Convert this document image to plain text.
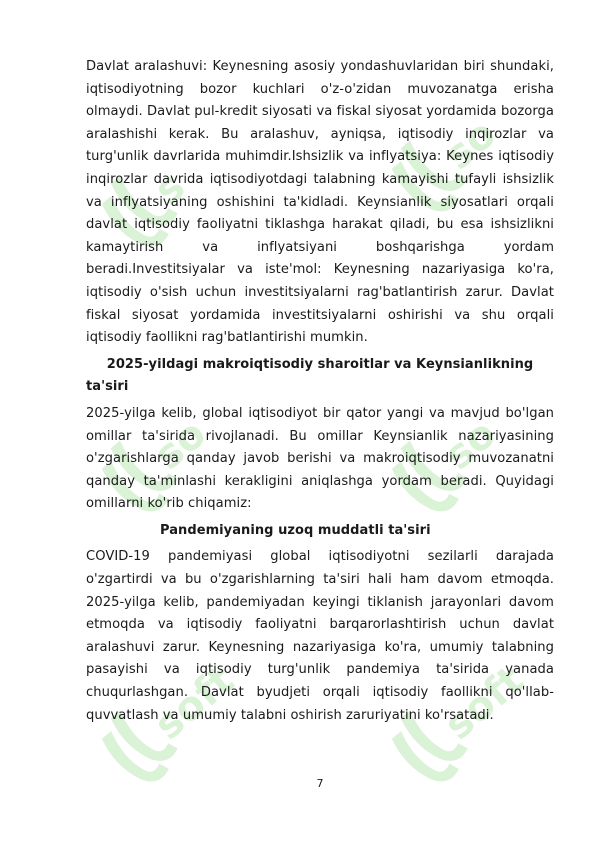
s
so
so	so
soft	soft

Davlat aralashuvi: Keynesning asosiy yondashuvlaridan biri shundaki, iqtisodiyotning bozor kuchlari o'z-o'zidan muvozanatga erisha olmaydi. Davlat pul-kredit siyosati va fiskal siyosat yordamida bozorga aralashishi kerak. Bu aralashuv, ayniqsa, iqtisodiy inqirozlar va turg'unlik davrlarida muhimdir.Ishsizlik va inflyatsiya: Keynes iqtisodiy inqirozlar davrida iqtisodiyotdagi talabning kamayishi tufayli ishsizlik va inflyatsiyaning oshishini ta'kidladi. Keynsianlik siyosatlari orqali davlat iqtisodiy faoliyatni tiklashga harakat qiladi, bu esa ishsizlikni kamaytirish va inflyatsiyani boshqarishga yordam beradi.Investitsiyalar va iste'mol: Keynesning nazariyasiga ko'ra, iqtisodiy o'sish uchun investitsiyalarni rag'batlantirish zarur. Davlat fiskal siyosat yordamida investitsiyalarni oshirishi va shu orqali iqtisodiy faollikni rag'batlantirishi mumkin.

2025-yildagi makroiqtisodiy sharoitlar va Keynsianlikning ta'siri

2025-yilga kelib, global iqtisodiyot bir qator yangi va mavjud bo'lgan omillar ta'sirida rivojlanadi. Bu omillar Keynsianlik nazariyasining o'zgarishlarga qanday javob berishi va makroiqtisodiy muvozanatni qanday ta'minlashi kerakligini aniqlashga yordam beradi. Quyidagi omillarni ko'rib chiqamiz:

Pandemiyaning uzoq muddatli ta'siri

COVID-19 pandemiyasi global iqtisodiyotni sezilarli darajada o'zgartirdi va bu o'zgarishlarning ta'siri hali ham davom etmoqda. 2025-yilga kelib, pandemiyadan keyingi tiklanish jarayonlari davom etmoqda va iqtisodiy faoliyatni barqarorlashtirish uchun davlat aralashuvi zarur. Keynesning nazariyasiga ko'ra, umumiy talabning pasayishi va iqtisodiy turg'unlik pandemiya ta'sirida yanada chuqurlashgan. Davlat byudjeti orqali iqtisodiy faollikni qo'llab-quvvatlash va umumiy talabni oshirish zaruriyatini ko'rsatadi.

7
